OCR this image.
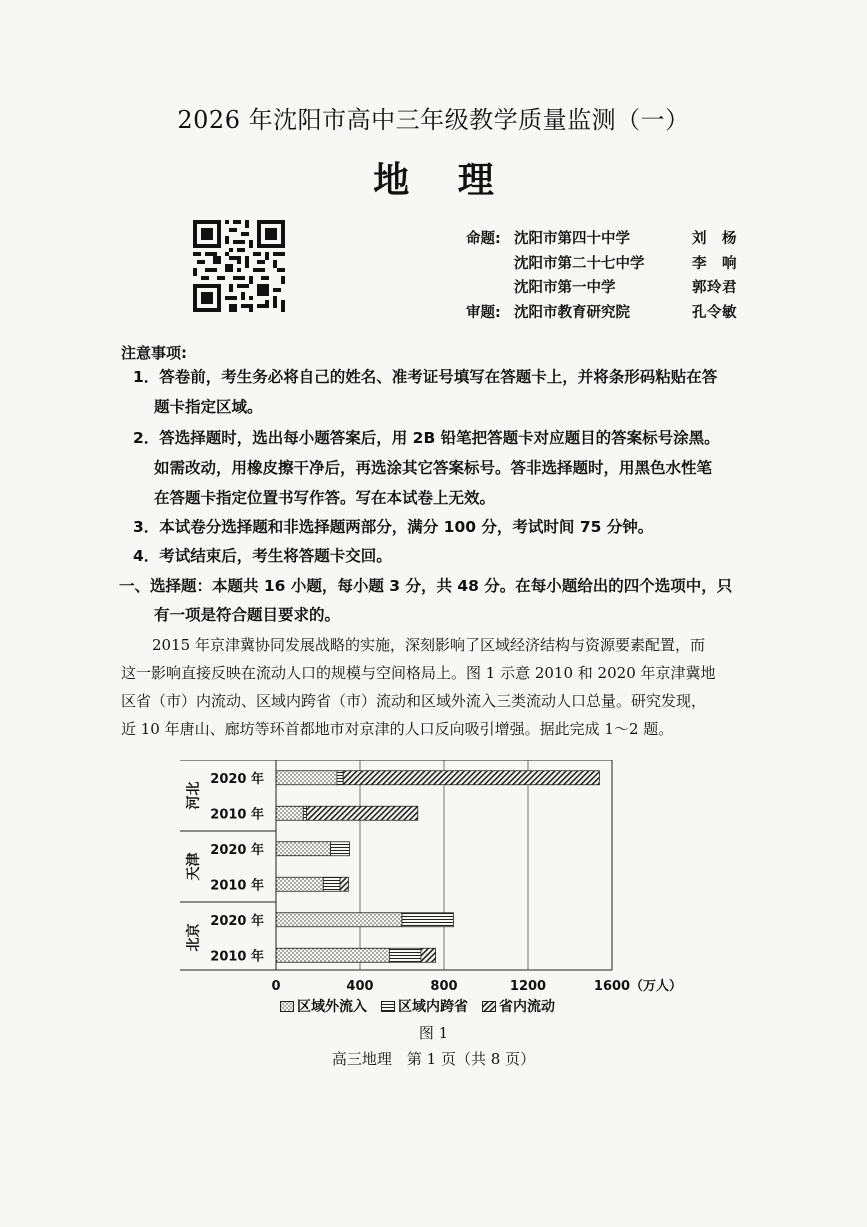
2026 年沈阳市高中三年级教学质量监测（一）
地 理
命题: 沈阳市第四十中学	刘　杨
沈阳市第二十七中学	李　响
沈阳市第一中学	郭玲君
审题: 沈阳市教育研究院	孔令敏
注意事项:
1．答卷前，考生务必将自己的姓名、准考证号填写在答题卡上，并将条形码粘贴在答
题卡指定区域。
2．答选择题时，选出每小题答案后，用 2B 铅笔把答题卡对应题目的答案标号涂黑。
如需改动，用橡皮擦干净后，再选涂其它答案标号。答非选择题时，用黑色水性笔
在答题卡指定位置书写作答。写在本试卷上无效。
3．本试卷分选择题和非选择题两部分，满分 100 分，考试时间 75 分钟。
4．考试结束后，考生将答题卡交回。
一、选择题：本题共 16 小题，每小题 3 分，共 48 分。在每小题给出的四个选项中，只
有一项是符合题目要求的。
2015 年京津冀协同发展战略的实施，深刻影响了区域经济结构与资源要素配置，而
这一影响直接反映在流动人口的规模与空间格局上。图 1 示意 2010 和 2020 年京津冀地
区省（市）内流动、区域内跨省（市）流动和区域外流入三类流动人口总量。研究发现，
近 10 年唐山、廊坊等环首都地市对京津的人口反向吸引增强。据此完成 1～2 题。
0	400	800	1200	1600 （万人）
2020 年
2010 年
2020 年
2010 年
2020 年
2010 年
河北
天津
北京
区域外流入 区域内跨省 省内流动
图 1
高三地理　第 1 页（共 8 页）
